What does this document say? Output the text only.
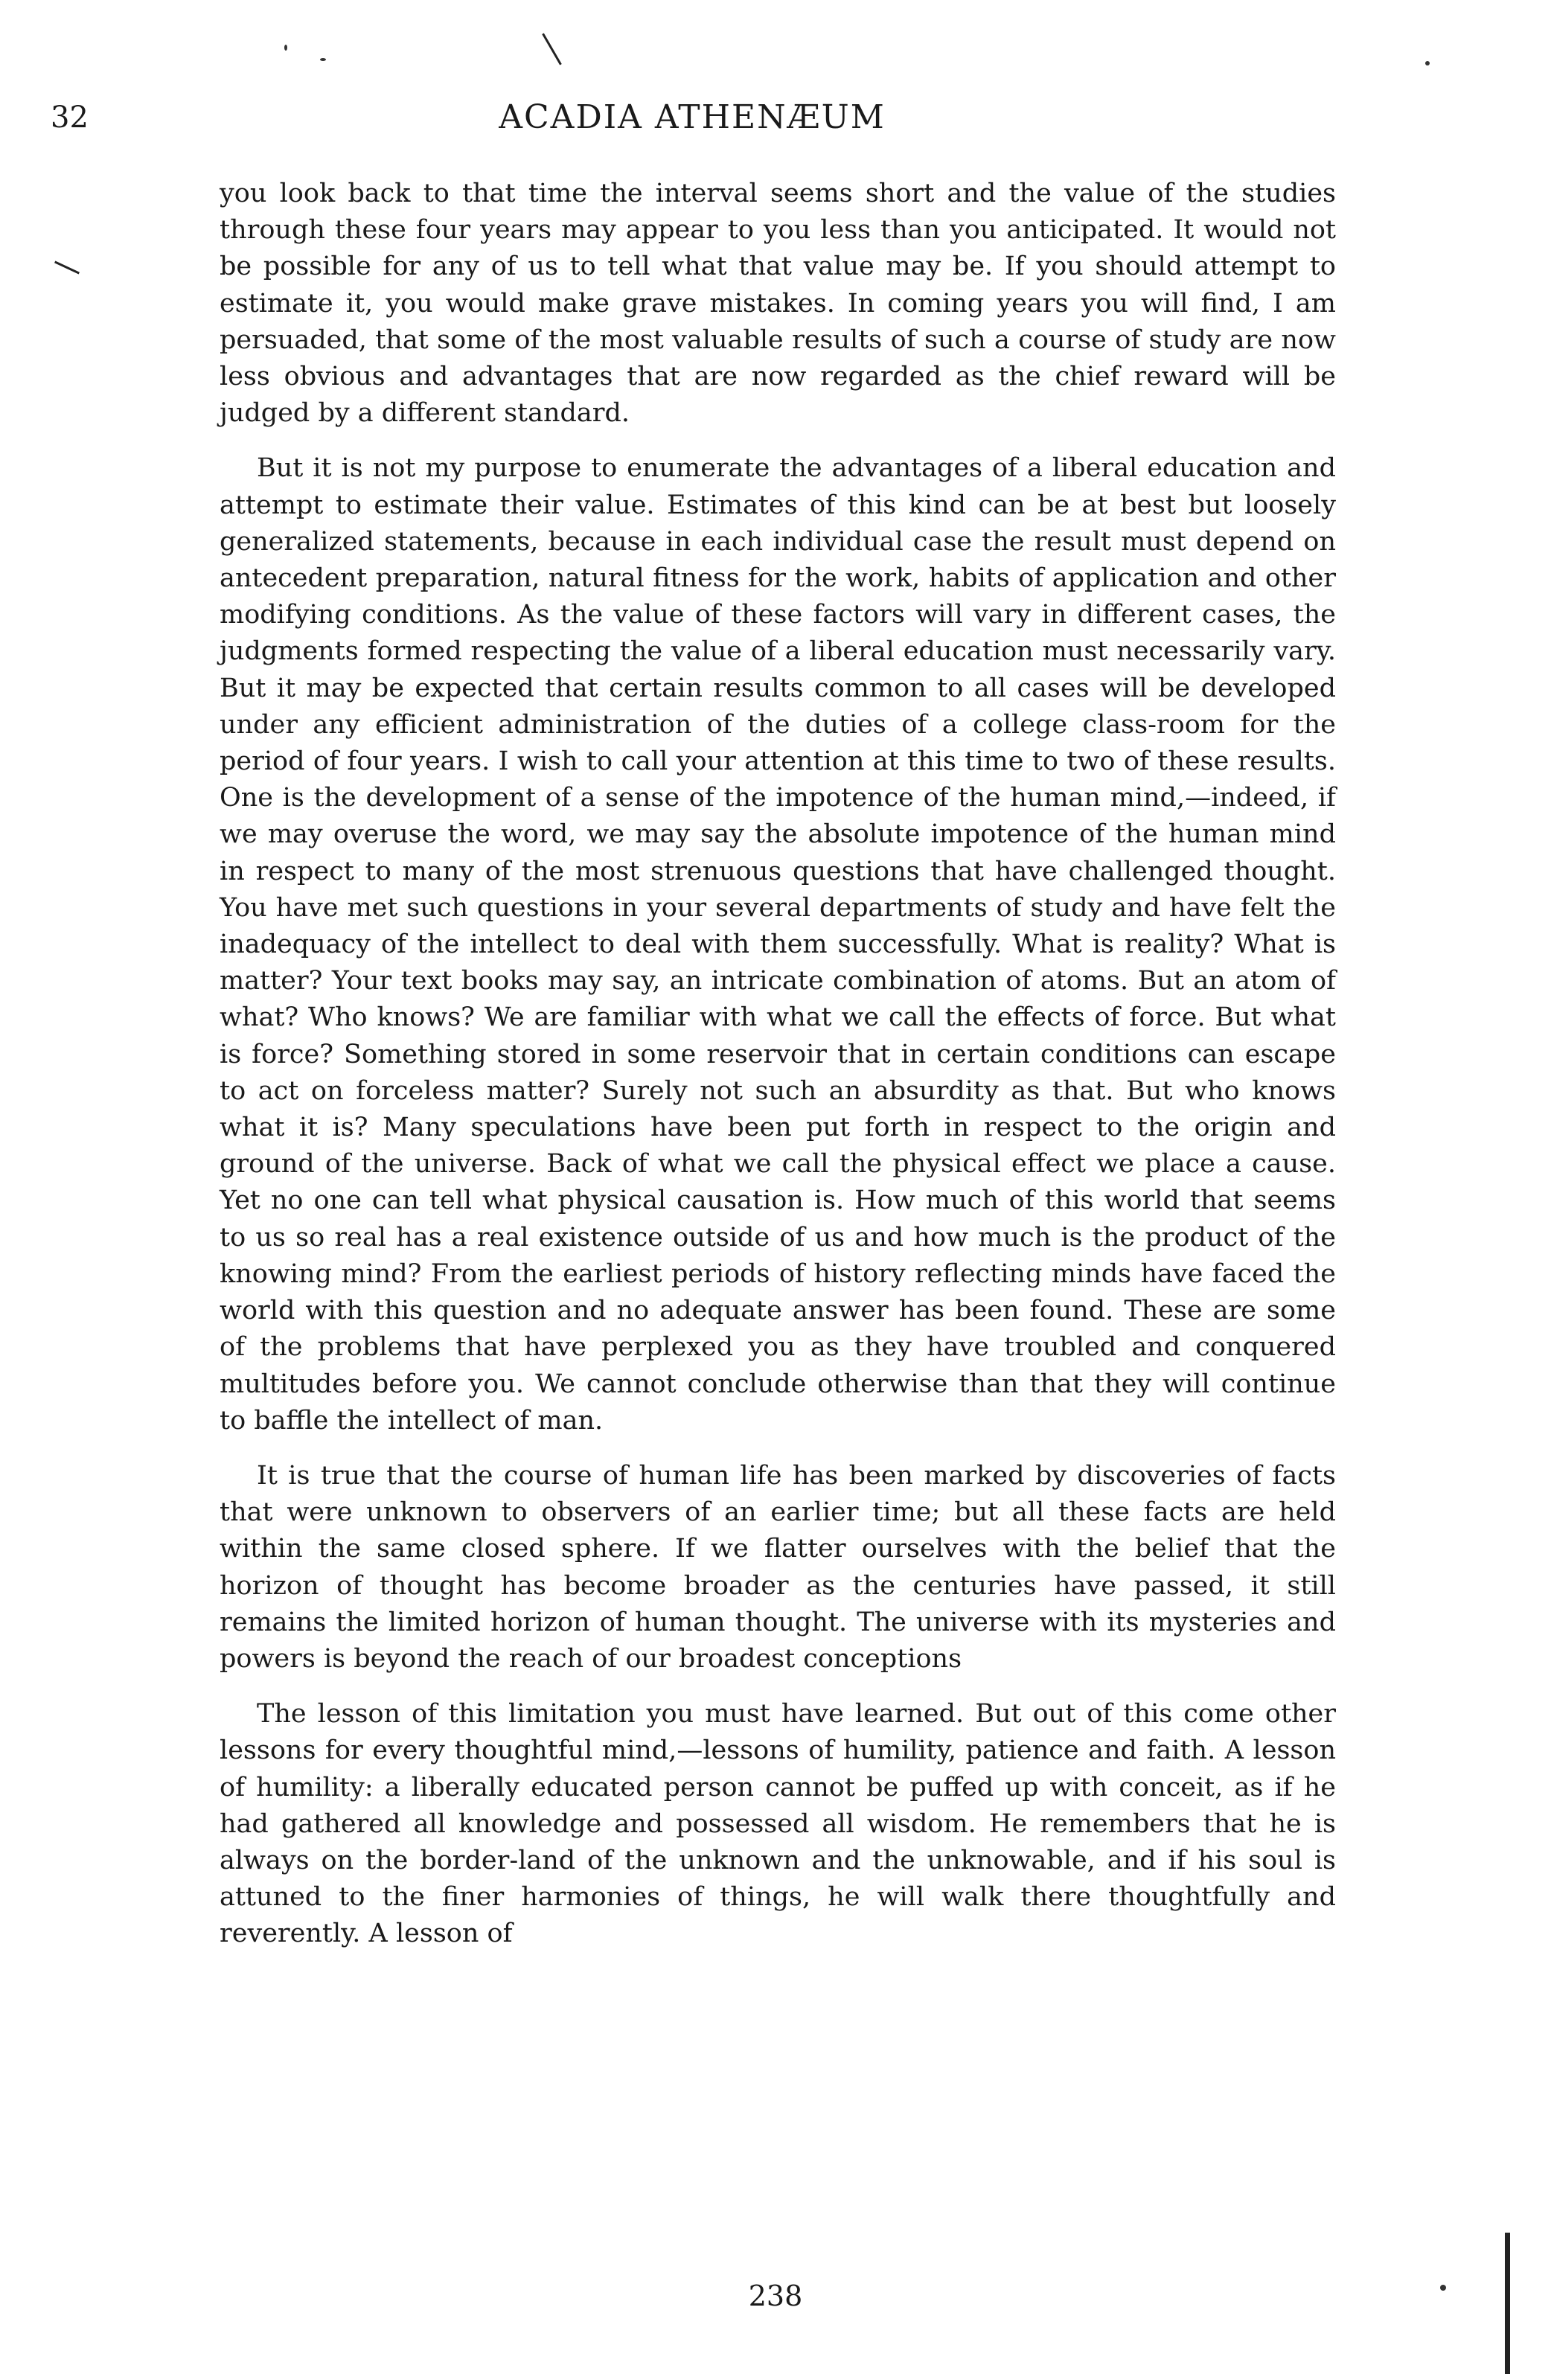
32	ACADIA ATHENÆUM

you look back to that time the interval seems short and the value of the studies through these four years may appear to you less than you anticipated. It would not be possible for any of us to tell what that value may be. If you should attempt to estimate it, you would make grave mistakes. In coming years you will find, I am persuaded, that some of the most valuable results of such a course of study are now less obvious and advantages that are now regarded as the chief reward will be judged by a different standard.

But it is not my purpose to enumerate the advantages of a liberal education and attempt to estimate their value. Estimates of this kind can be at best but loosely generalized statements, because in each individual case the result must depend on antecedent preparation, natural fitness for the work, habits of application and other modifying conditions. As the value of these factors will vary in different cases, the judgments formed respecting the value of a liberal education must necessarily vary. But it may be expected that certain results common to all cases will be developed under any efficient administration of the duties of a college class-room for the period of four years. I wish to call your attention at this time to two of these results. One is the development of a sense of the impotence of the human mind,—indeed, if we may overuse the word, we may say the absolute impotence of the human mind in respect to many of the most strenuous questions that have challenged thought. You have met such questions in your several departments of study and have felt the inadequacy of the intellect to deal with them successfully. What is reality? What is matter? Your text books may say, an intricate combination of atoms. But an atom of what? Who knows? We are familiar with what we call the effects of force. But what is force? Something stored in some reservoir that in certain conditions can escape to act on forceless matter? Surely not such an absurdity as that. But who knows what it is? Many speculations have been put forth in respect to the origin and ground of the universe. Back of what we call the physical effect we place a cause. Yet no one can tell what physical causation is. How much of this world that seems to us so real has a real existence outside of us and how much is the product of the knowing mind? From the earliest periods of history reflecting minds have faced the world with this question and no adequate answer has been found. These are some of the problems that have perplexed you as they have troubled and conquered multitudes before you. We cannot conclude otherwise than that they will continue to baffle the intellect of man.

It is true that the course of human life has been marked by discoveries of facts that were unknown to observers of an earlier time; but all these facts are held within the same closed sphere. If we flatter ourselves with the belief that the horizon of thought has become broader as the centuries have passed, it still remains the limited horizon of human thought. The universe with its mysteries and powers is beyond the reach of our broadest conceptions

The lesson of this limitation you must have learned. But out of this come other lessons for every thoughtful mind,—lessons of humility, patience and faith. A lesson of humility: a liberally educated person cannot be puffed up with conceit, as if he had gathered all knowledge and possessed all wisdom. He remembers that he is always on the border-land of the unknown and the unknowable, and if his soul is attuned to the finer harmonies of things, he will walk there thoughtfully and reverently. A lesson of

238
